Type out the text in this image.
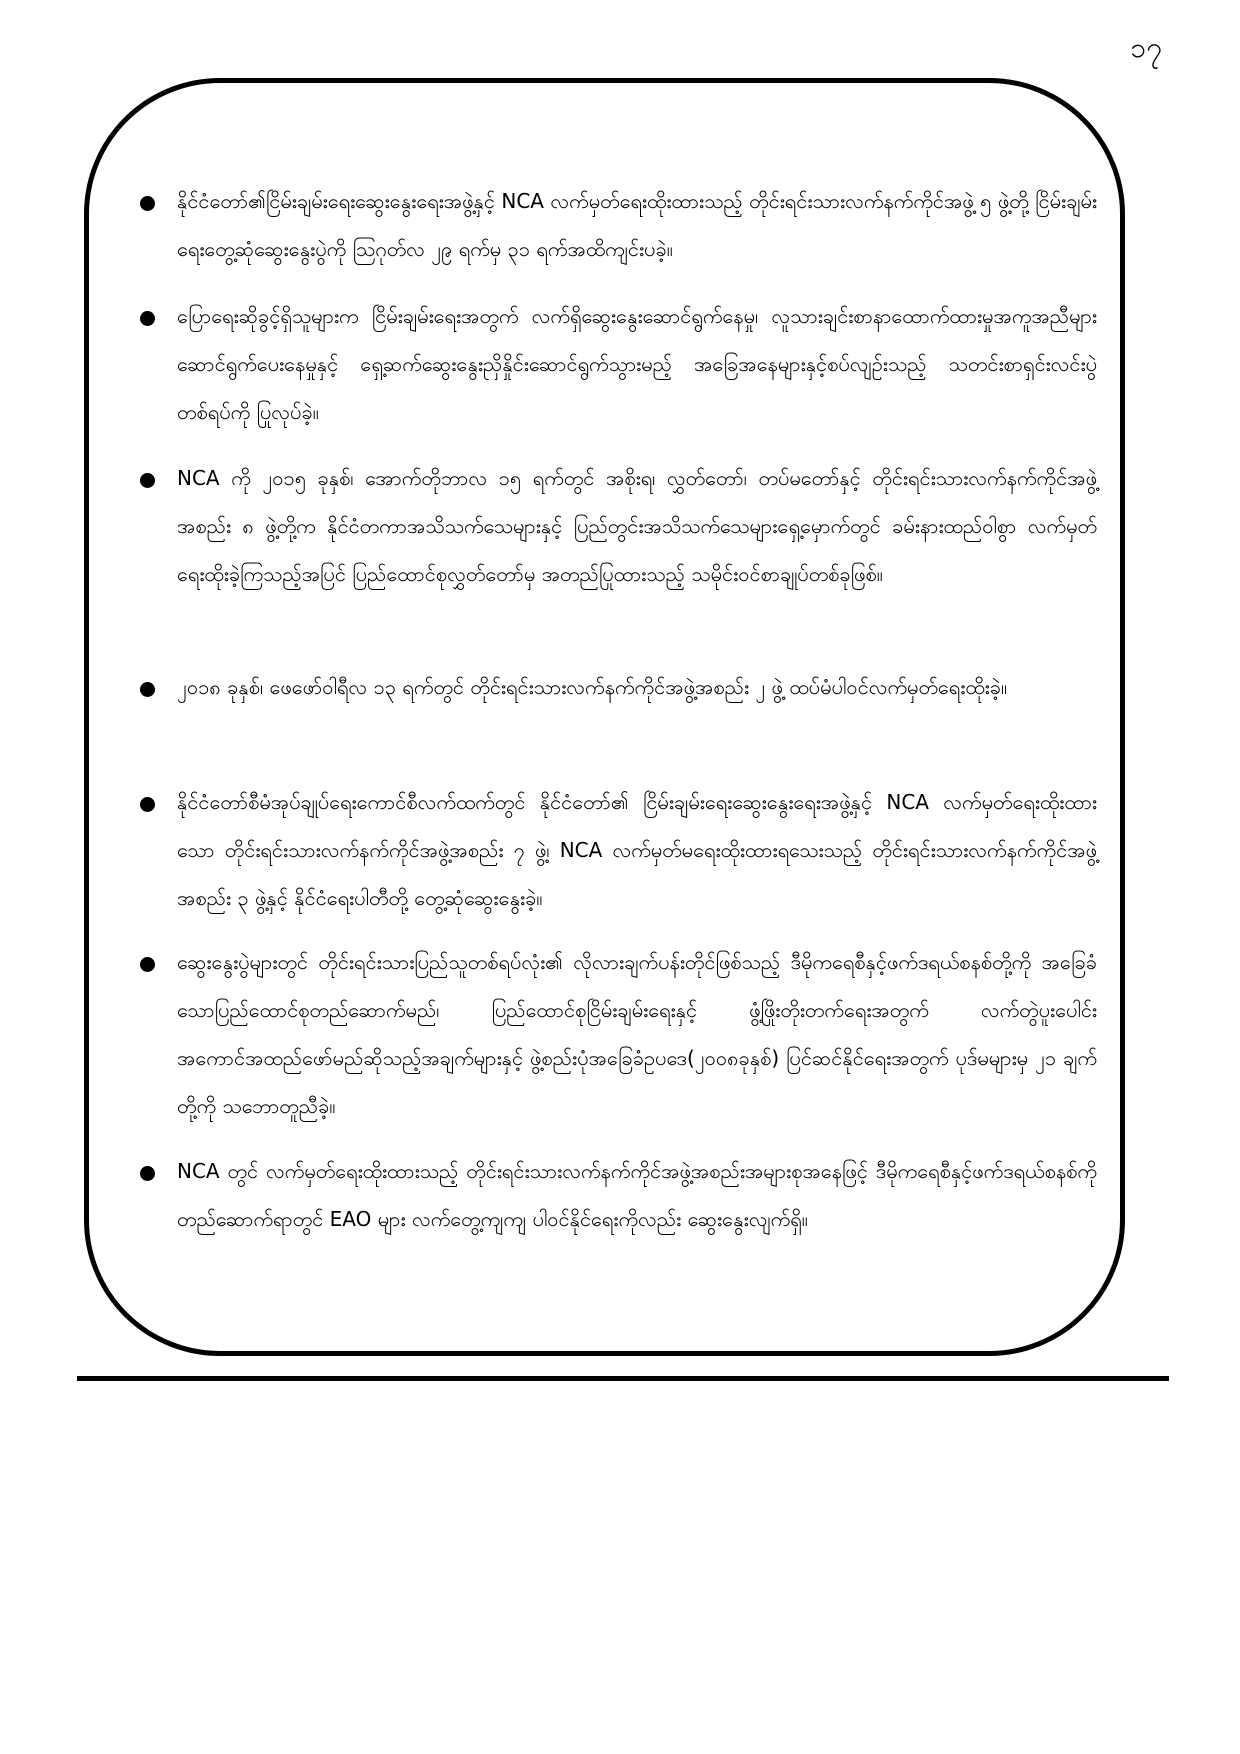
၁၇

နိုင်ငံတော်၏ငြိမ်းချမ်းရေးဆွေးနွေးရေးအဖွဲ့နှင့် NCA လက်မှတ်ရေးထိုးထားသည့် တိုင်းရင်းသားလက်နက်ကိုင်အဖွဲ့ ၅ ဖွဲ့တို့ ငြိမ်းချမ်းရေးတွေ့ဆုံဆွေးနွေးပွဲကို ဩဂုတ်လ ၂၉ ရက်မှ ၃၁ ရက်အထိကျင်းပခဲ့။

ပြောရေးဆိုခွင့်ရှိသူများက ငြိမ်းချမ်းရေးအတွက် လက်ရှိဆွေးနွေးဆောင်ရွက်နေမှု၊ လူသားချင်းစာနာထောက်ထားမှုအကူအညီများ ဆောင်ရွက်ပေးနေမှုနှင့် ရှေ့ဆက်ဆွေးနွေးညှိနှိုင်းဆောင်ရွက်သွားမည့် အခြေအနေများနှင့်စပ်လျဉ်းသည့် သတင်းစာရှင်းလင်းပွဲတစ်ရပ်ကို ပြုလုပ်ခဲ့။

NCA ကို ၂၀၁၅ ခုနှစ်၊ အောက်တိုဘာလ ၁၅ ရက်တွင် အစိုးရ၊ လွှတ်တော်၊ တပ်မတော်နှင့် တိုင်းရင်းသားလက်နက်ကိုင်အဖွဲ့အစည်း ၈ ဖွဲ့တို့က နိုင်ငံတကာအသိသက်သေများနှင့် ပြည်တွင်းအသိသက်သေများရှေ့မှောက်တွင် ခမ်းနားထည်ဝါစွာ လက်မှတ်ရေးထိုးခဲ့ကြသည့်အပြင် ပြည်ထောင်စုလွှတ်တော်မှ အတည်ပြုထားသည့် သမိုင်းဝင်စာချုပ်တစ်ခုဖြစ်။

၂၀၁၈ ခုနှစ်၊ ဖေဖော်ဝါရီလ ၁၃ ရက်တွင် တိုင်းရင်းသားလက်နက်ကိုင်အဖွဲ့အစည်း ၂ ဖွဲ့ ထပ်မံပါဝင်လက်မှတ်ရေးထိုးခဲ့။

နိုင်ငံတော်စီမံအုပ်ချုပ်ရေးကောင်စီလက်ထက်တွင် နိုင်ငံတော်၏ ငြိမ်းချမ်းရေးဆွေးနွေးရေးအဖွဲ့နှင့် NCA လက်မှတ်ရေးထိုးထားသော တိုင်းရင်းသားလက်နက်ကိုင်အဖွဲ့အစည်း ၇ ဖွဲ့၊ NCA လက်မှတ်မရေးထိုးထားရသေးသည့် တိုင်းရင်းသားလက်နက်ကိုင်အဖွဲ့အစည်း ၃ ဖွဲ့နှင့် နိုင်ငံရေးပါတီတို့ တွေ့ဆုံဆွေးနွေးခဲ့။

ဆွေးနွေးပွဲများတွင် တိုင်းရင်းသားပြည်သူတစ်ရပ်လုံး၏ လိုလားချက်ပန်းတိုင်ဖြစ်သည့် ဒီမိုကရေစီနှင့်ဖက်ဒရယ်စနစ်တို့ကို အခြေခံသောပြည်ထောင်စုတည်ဆောက်မည်၊ ပြည်ထောင်စုငြိမ်းချမ်းရေးနှင့် ဖွံ့ဖြိုးတိုးတက်ရေးအတွက် လက်တွဲပူးပေါင်းအကောင်အထည်ဖော်မည်ဆိုသည့်အချက်များနှင့် ဖွဲ့စည်းပုံအခြေခံဥပဒေ(၂၀၀၈ခုနှစ်) ပြင်ဆင်နိုင်ရေးအတွက် ပုဒ်မများမှ ၂၁ ချက်တို့ကို သဘောတူညီခဲ့။

NCA တွင် လက်မှတ်ရေးထိုးထားသည့် တိုင်းရင်းသားလက်နက်ကိုင်အဖွဲ့အစည်းအများစုအနေဖြင့် ဒီမိုကရေစီနှင့်ဖက်ဒရယ်စနစ်ကို တည်ဆောက်ရာတွင် EAO များ လက်တွေ့ကျကျ ပါဝင်နိုင်ရေးကိုလည်း ဆွေးနွေးလျက်ရှိ။
